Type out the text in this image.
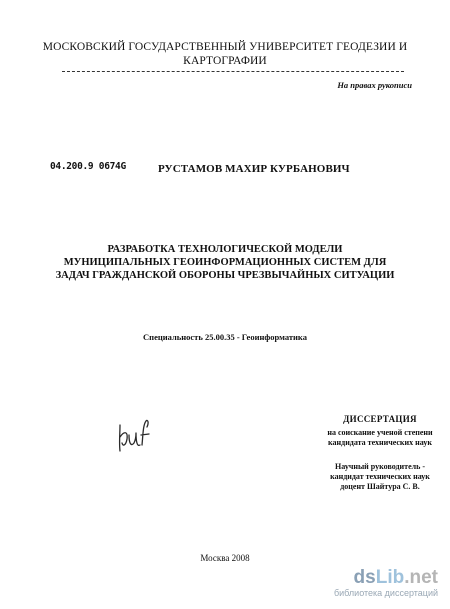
МОСКОВСКИЙ ГОСУДАРСТВЕННЫЙ УНИВЕРСИТЕТ ГЕОДЕЗИИ И
КАРТОГРАФИИ
На правах рукописи
04.200.9 0674G	РУСТАМОВ МАХИР КУРБАНОВИЧ
РАЗРАБОТКА ТЕХНОЛОГИЧЕСКОЙ МОДЕЛИ
МУНИЦИПАЛЬНЫХ ГЕОИНФОРМАЦИОННЫХ СИСТЕМ ДЛЯ
ЗАДАЧ ГРАЖДАНСКОЙ ОБОРОНЫ ЧРЕЗВЫЧАЙНЫХ СИТУАЦИИ
Специальность 25.00.35 - Геоинформатика
ДИССЕРТАЦИЯ
на соискание ученой степени
кандидата технических наук
Научный руководитель -
кандидат технических наук
доцент Шайтура С. В.
Москва 2008
dsLib.net
библиотека диссертаций
